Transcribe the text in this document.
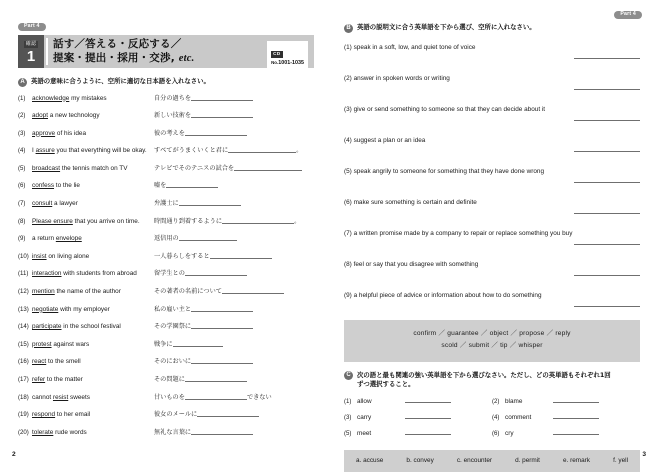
Part 4
確認
1
話す／答える・反応する／
提案・提出・採用・交渉, etc.	CD
No.1001-1035
A 英語の意味に合うように、空所に適切な日本語を入れなさい。
(1)	acknowledge my mistakes	自分の過ちを
(2)	adopt a new technology	新しい技術を
(3)	approve of his idea	彼の考えを
(4)	I assure you that everything will be okay.	すべてがうまくいくと君に	。
(5)	broadcast the tennis match on TV	テレビでそのテニスの試合を
(6)	confess to the lie	嘘を
(7)	consult a lawyer	弁護士に
(8)	Please ensure that you arrive on time.	時間通り到着するように	。
(9)	a return envelope	返信用の
(10) insist on living alone	一人暮らしをすると
(11) interaction with students from abroad	留学生との
(12) mention the name of the author	その著者の名前について
(13) negotiate with my employer	私の雇い主と
(14) participate in the school festival	その学園祭に
(15) protest against wars	戦争に
(16) react to the smell	そのにおいに
(17) refer to the matter	その問題に
(18) cannot resist sweets	甘いものを	できない
(19) respond to her email	彼女のメールに
(20) tolerate rude words	無礼な言葉に
2
Part 4
B 英語の説明文に合う英単語を下から選び、空所に入れなさい。
(1) speak in a soft, low, and quiet tone of voice
(2) answer in spoken words or writing
(3) give or send something to someone so that they can decide about it
(4) suggest a plan or an idea
(5) speak angrily to someone for something that they have done wrong
(6) make sure something is certain and definite
(7) a written promise made by a company to repair or replace something you buy
(8) feel or say that you disagree with something
(9) a helpful piece of advice or information about how to do something
confirm ／ guarantee ／ object ／ propose ／ reply
scold ／ submit ／ tip ／ whisper
C 次の語と最も関連の強い英単語を下から選びなさい。ただし、どの英単語もそれぞれ1回
ずつ選択すること。
(1) allow	(2) blame
(3) carry	(4) comment
(5) meet	(6) cry
a. accuse	b. convey	c. encounter	d. permit	e. remark	f. yell
3
